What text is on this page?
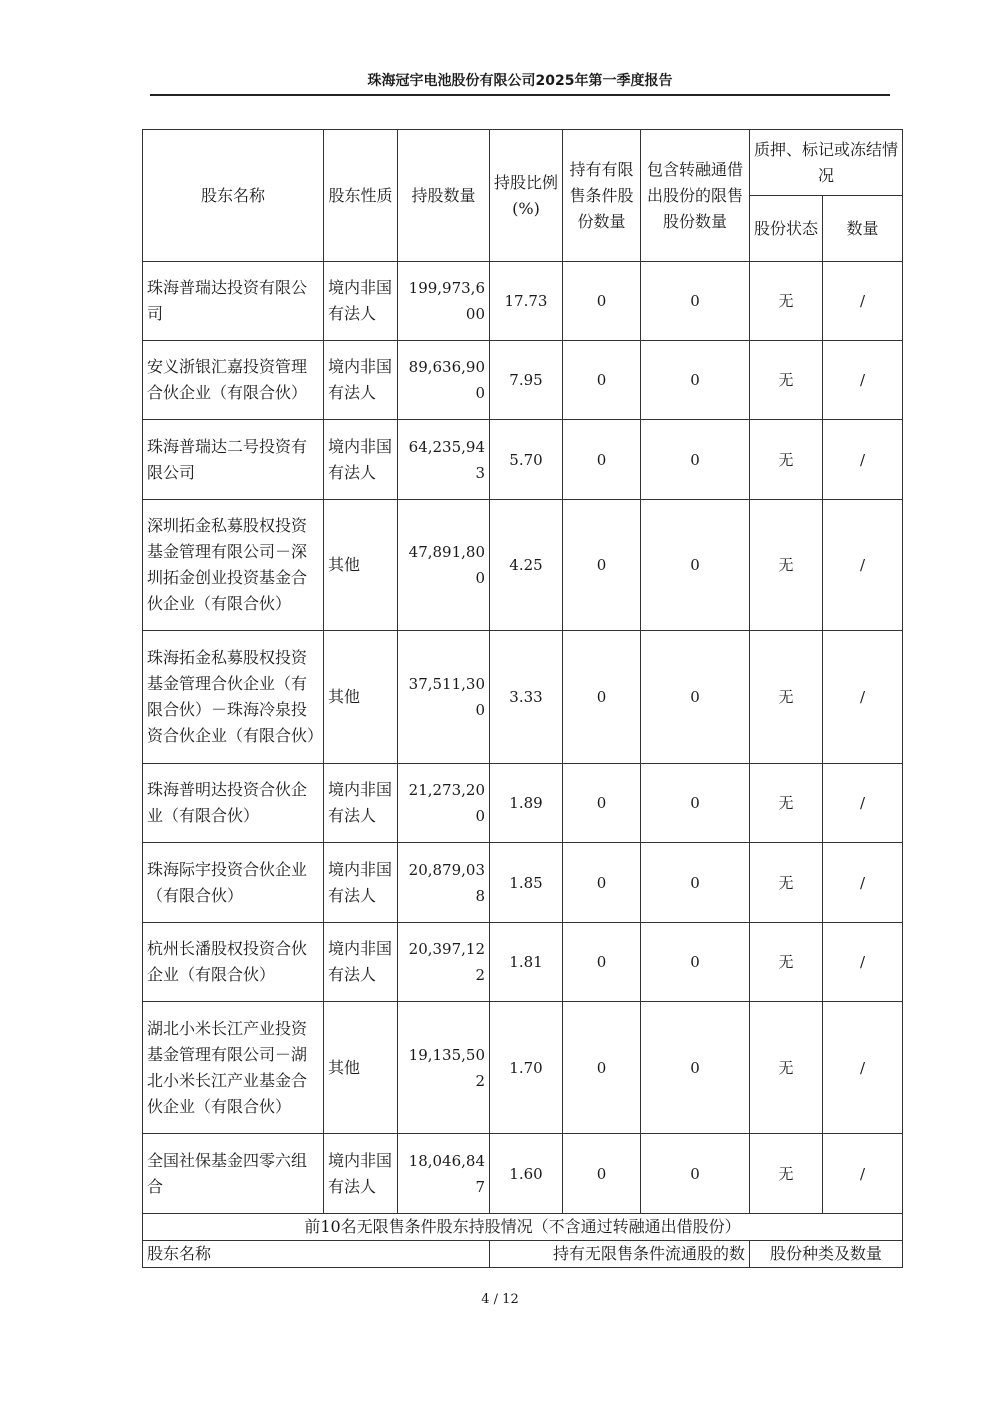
珠海冠宇电池股份有限公司2025年第一季度报告
股东名称	股东性质	持股数量	持股比例(%)	持有有限售条件股份数量	包含转融通借出股份的限售股份数量	质押、标记或冻结情况	
						股份状态	数量
珠海普瑞达投资有限公司	境内非国有法人	199,973,600	17.73	0	0	无	/
安义浙银汇嘉投资管理合伙企业（有限合伙）	境内非国有法人	89,636,900	7.95	0	0	无	/
珠海普瑞达二号投资有限公司	境内非国有法人	64,235,943	5.70	0	0	无	/
深圳拓金私募股权投资基金管理有限公司－深圳拓金创业投资基金合伙企业（有限合伙）	其他	47,891,800	4.25	0	0	无	/
珠海拓金私募股权投资基金管理合伙企业（有限合伙）－珠海冷泉投资合伙企业（有限合伙）	其他	37,511,300	3.33	0	0	无	/
珠海普明达投资合伙企业（有限合伙）	境内非国有法人	21,273,200	1.89	0	0	无	/
珠海际宇投资合伙企业（有限合伙）	境内非国有法人	20,879,038	1.85	0	0	无	/
杭州长潘股权投资合伙企业（有限合伙）	境内非国有法人	20,397,122	1.81	0	0	无	/
湖北小米长江产业投资基金管理有限公司－湖北小米长江产业基金合伙企业（有限合伙）	其他	19,135,502	1.70	0	0	无	/
全国社保基金四零六组合	境内非国有法人	18,046,847	1.60	0	0	无	/
前10名无限售条件股东持股情况（不含通过转融通出借股份）							
股东名称			持有无限售条件流通股的数			股份种类及数量	
4 / 12
